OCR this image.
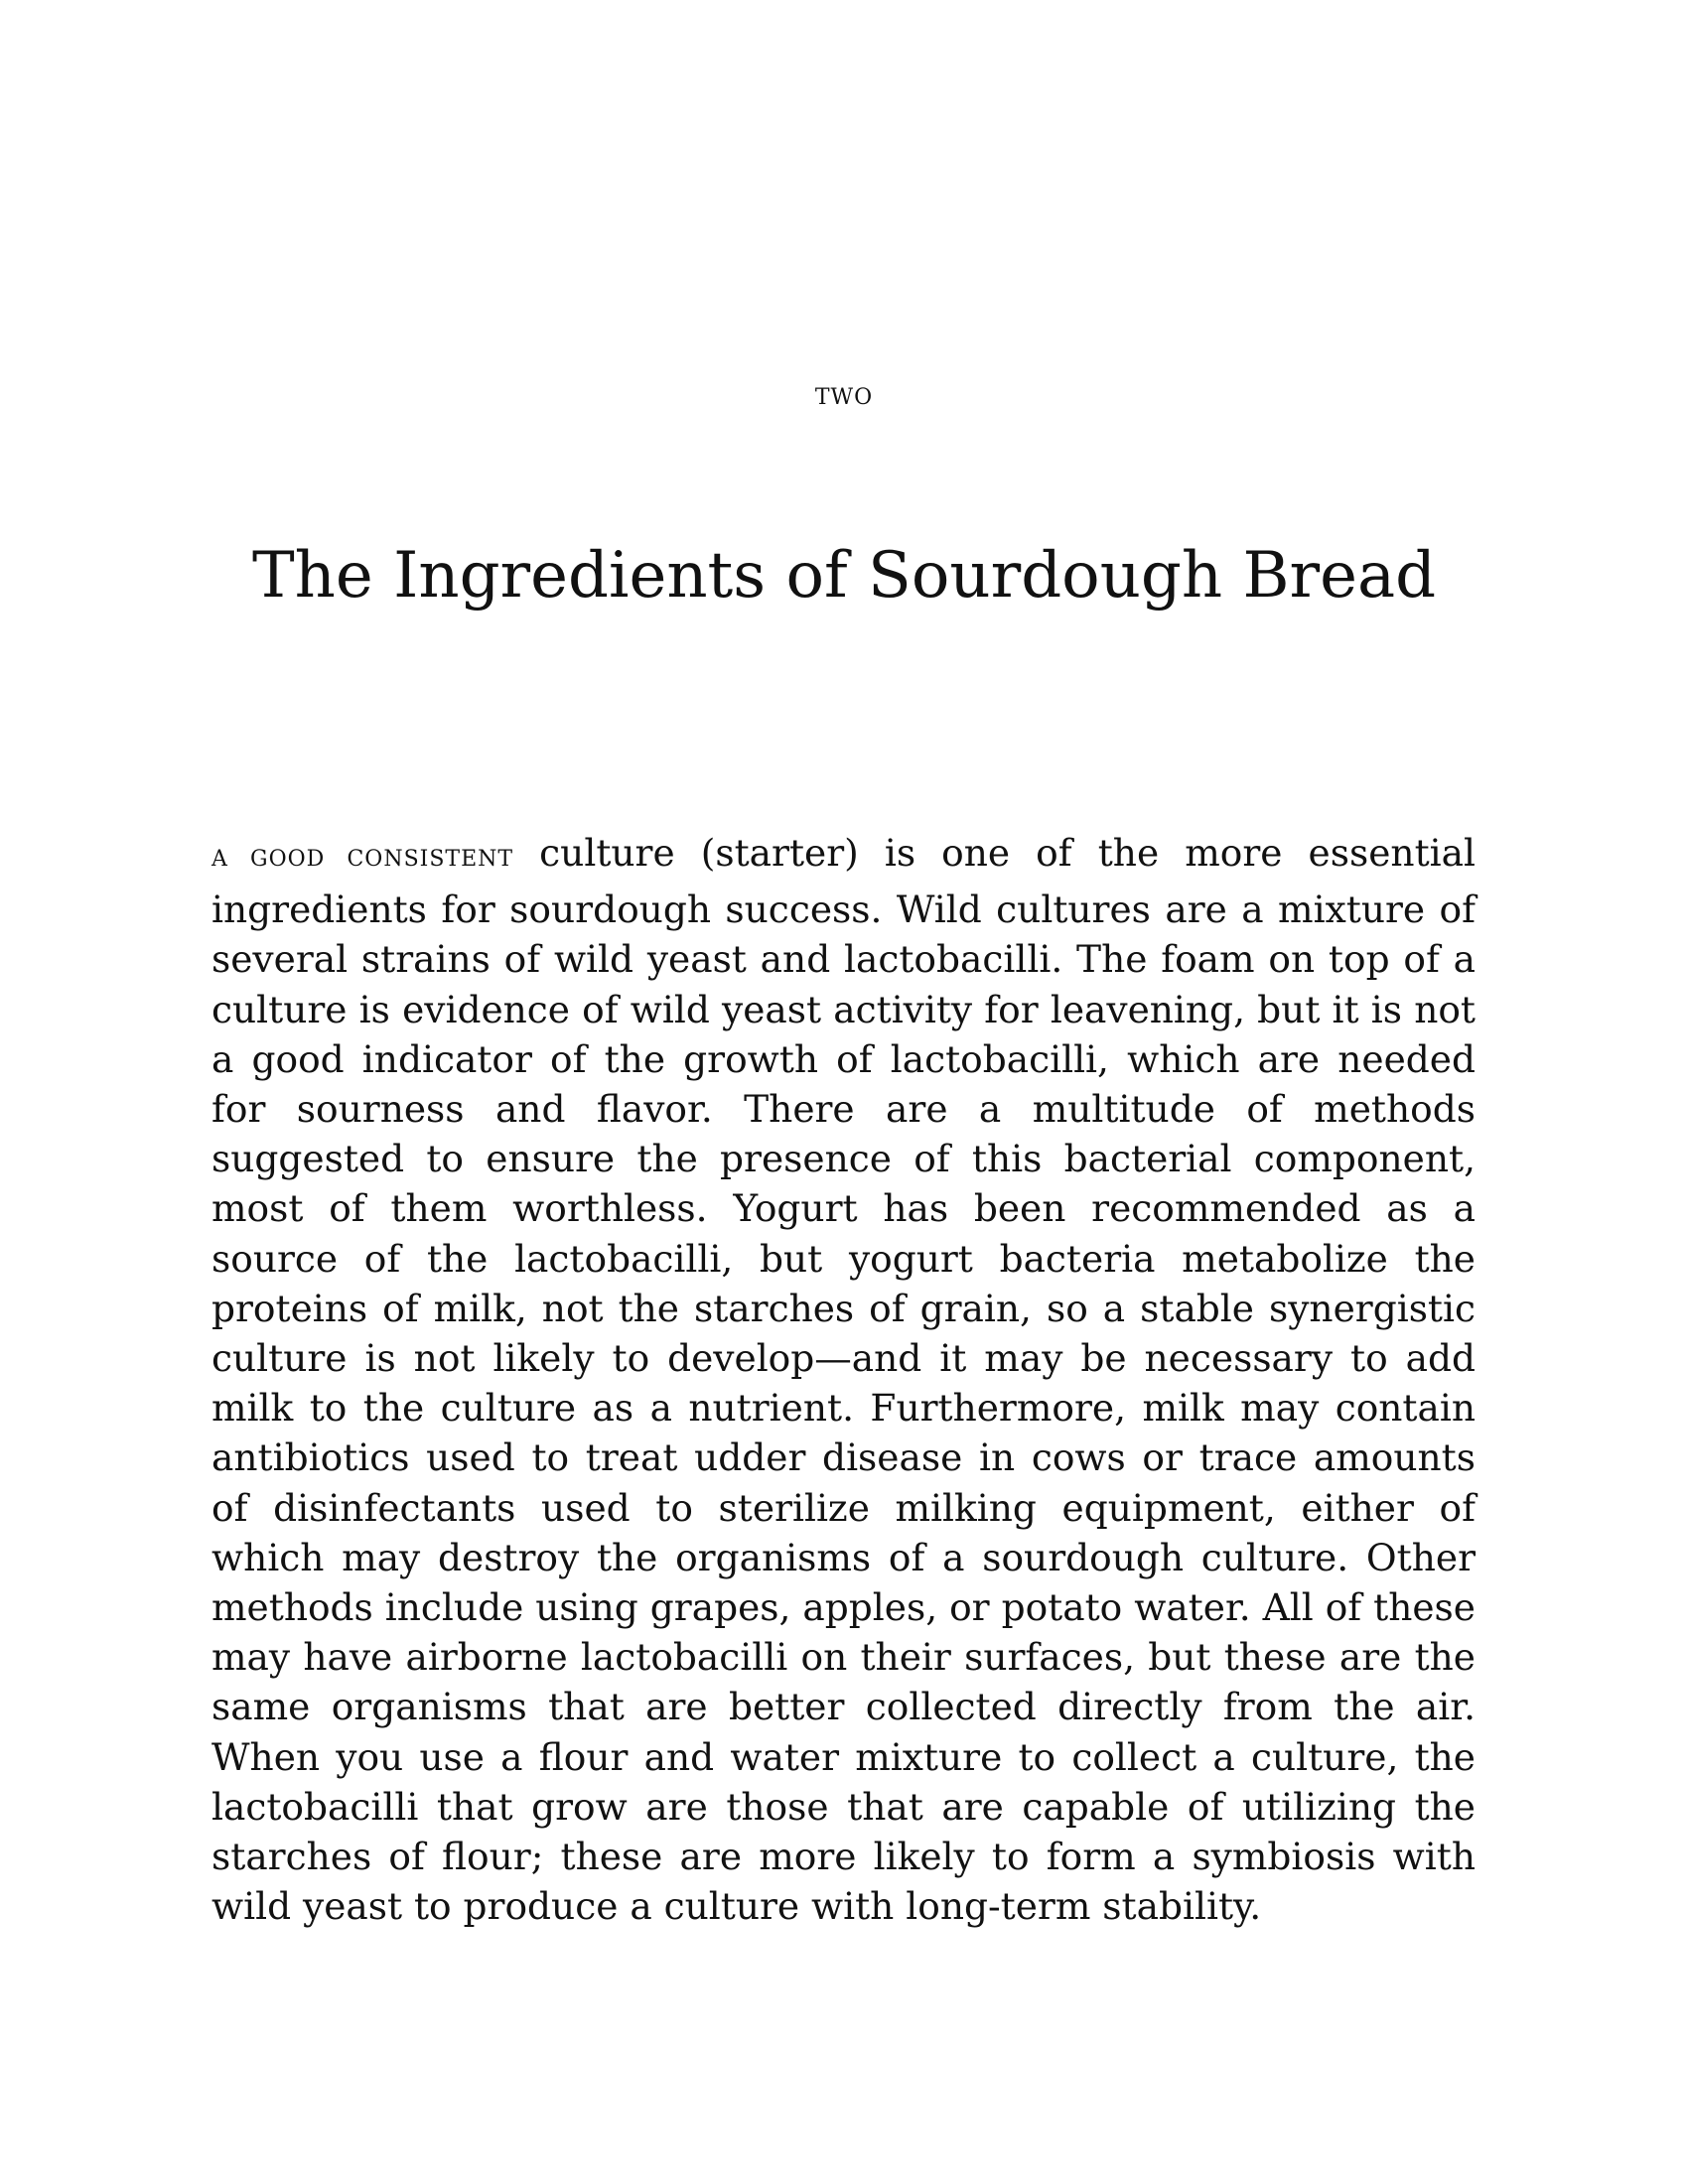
TWO
The Ingredients of Sourdough Bread

A GOOD CONSISTENT culture (starter) is one of the more essential ingredients for sourdough success. Wild cultures are a mixture of several strains of wild yeast and lactobacilli. The foam on top of a culture is evidence of wild yeast activity for leavening, but it is not a good indicator of the growth of lactobacilli, which are needed for sourness and flavor. There are a multitude of methods suggested to ensure the presence of this bacterial component, most of them worthless. Yogurt has been recommended as a source of the lactobacilli, but yogurt bacteria metabolize the proteins of milk, not the starches of grain, so a stable synergistic culture is not likely to develop—and it may be necessary to add milk to the culture as a nutrient. Furthermore, milk may contain antibiotics used to treat udder disease in cows or trace amounts of disinfectants used to sterilize milking equipment, either of which may destroy the organisms of a sourdough culture. Other methods include using grapes, apples, or potato water. All of these may have airborne lactobacilli on their surfaces, but these are the same organisms that are better collected directly from the air. When you use a flour and water mixture to collect a culture, the lactobacilli that grow are those that are capable of utilizing the starches of flour; these are more likely to form a symbiosis with wild yeast to produce a culture with long-term stability.
